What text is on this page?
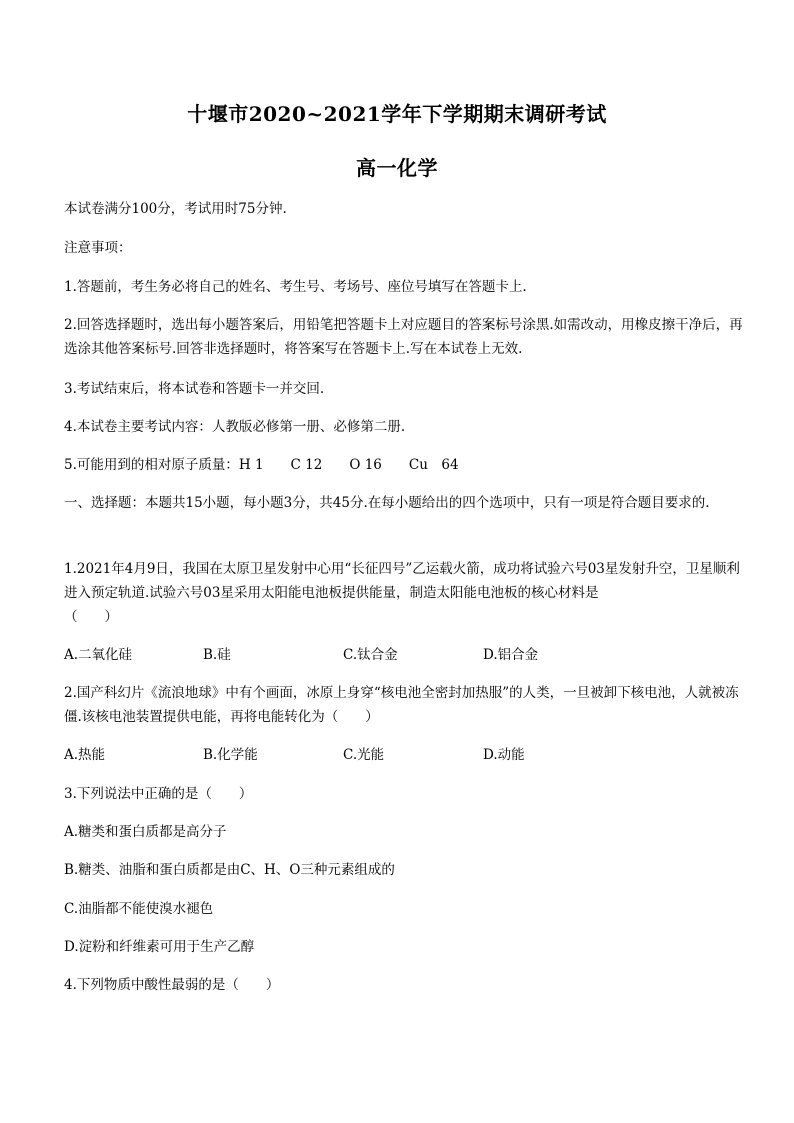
十堰市2020~2021学年下学期期末调研考试
高一化学
本试卷满分100分，考试用时75分钟.
注意事项：
1.答题前，考生务必将自己的姓名、考生号、考场号、座位号填写在答题卡上.
2.回答选择题时，选出每小题答案后，用铅笔把答题卡上对应题目的答案标号涂黑.如需改动，用橡皮擦干净后，再选涂其他答案标号.回答非选择题时，将答案写在答题卡上.写在本试卷上无效.
3.考试结束后，将本试卷和答题卡一并交回.
4.本试卷主要考试内容：人教版必修第一册、必修第二册.
5.可能用到的相对原子质量：H 1　　C 12　　O 16　　Cu　64
一、选择题：本题共15小题，每小题3分，共45分.在每小题给出的四个选项中，只有一项是符合题目要求的.
1.2021年4月9日，我国在太原卫星发射中心用“长征四号”乙运载火箭，成功将试验六号03星发射升空，卫星顺利进入预定轨道.试验六号03星采用太阳能电池板提供能量，制造太阳能电池板的核心材料是
（　　）
A.二氧化硅	B.硅	C.钛合金	D.铝合金
2.国产科幻片《流浪地球》中有个画面，冰原上身穿“核电池全密封加热服”的人类，一旦被卸下核电池，人就被冻僵.该核电池装置提供电能，再将电能转化为（　　）
A.热能	B.化学能	C.光能	D.动能
3.下列说法中正确的是（　　）
A.糖类和蛋白质都是高分子
B.糖类、油脂和蛋白质都是由C、H、O三种元素组成的
C.油脂都不能使溴水褪色
D.淀粉和纤维素可用于生产乙醇
4.下列物质中酸性最弱的是（　　）
